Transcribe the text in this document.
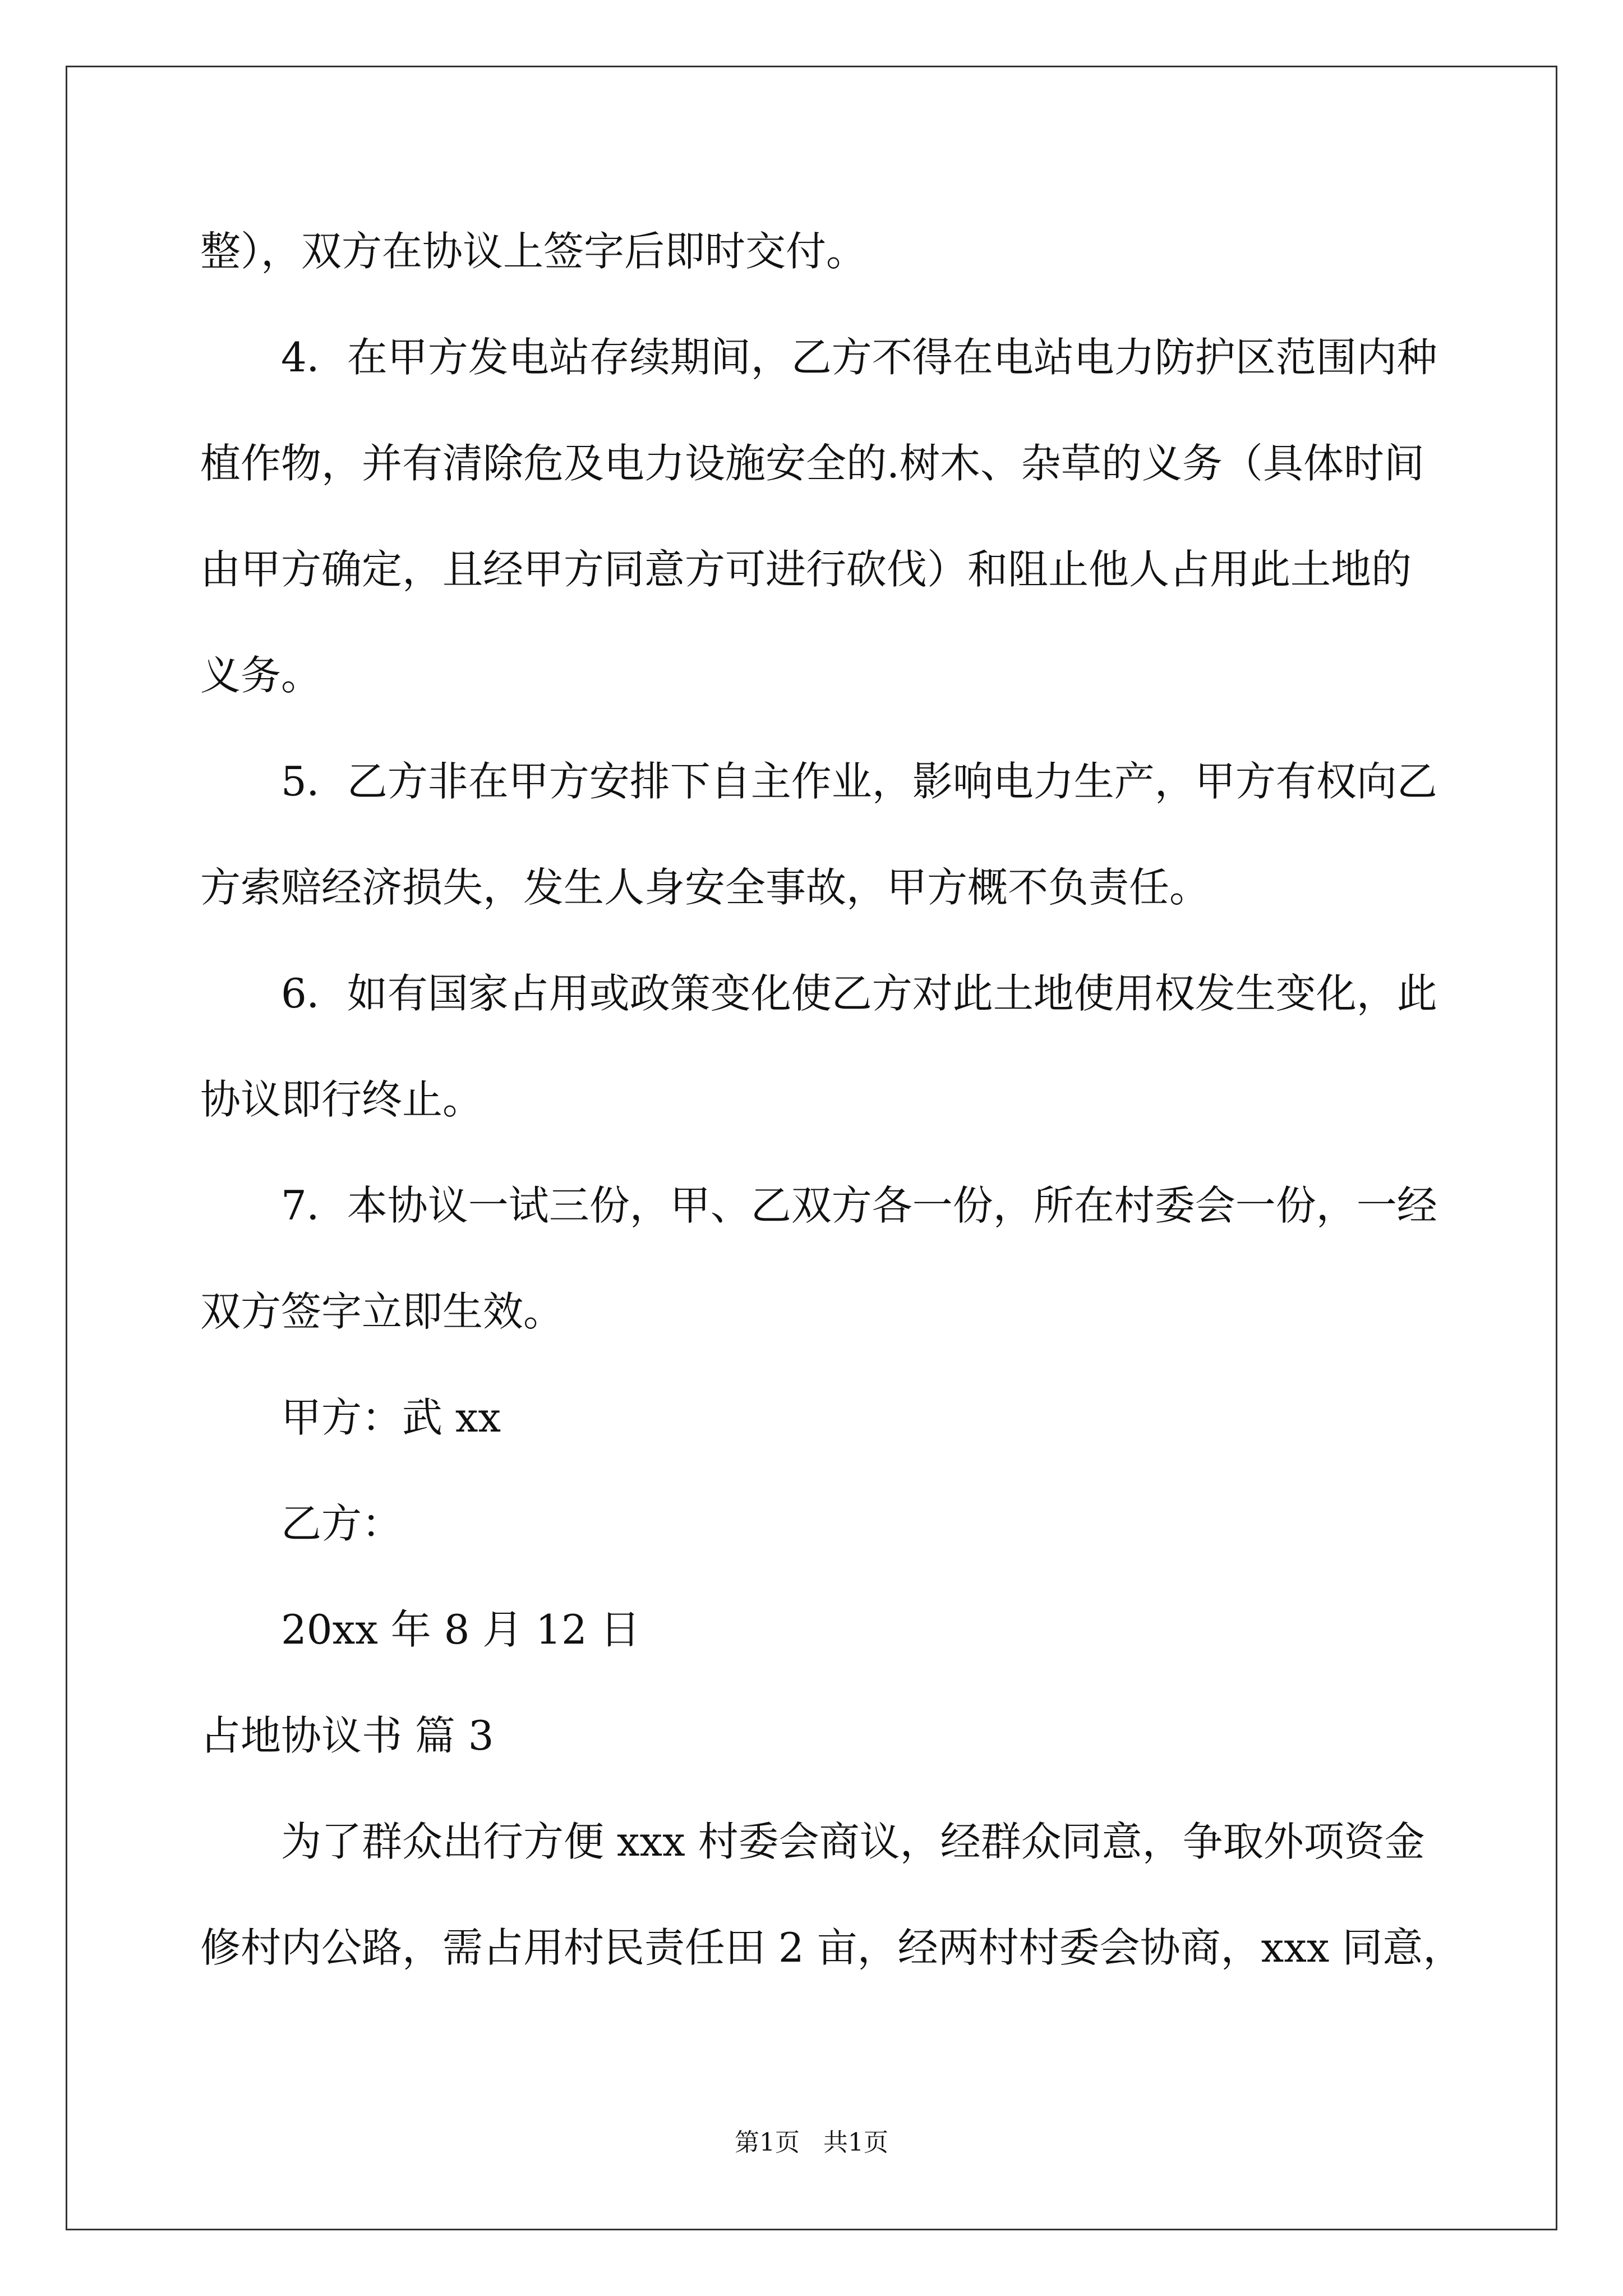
整），双方在协议上签字后即时交付。
4．在甲方发电站存续期间，乙方不得在电站电力防护区范围内种
植作物，并有清除危及电力设施安全的.树木、杂草的义务（具体时间
由甲方确定，且经甲方同意方可进行砍伐）和阻止他人占用此土地的
义务。
5．乙方非在甲方安排下自主作业，影响电力生产，甲方有权向乙
方索赔经济损失，发生人身安全事故，甲方概不负责任。
6．如有国家占用或政策变化使乙方对此土地使用权发生变化，此
协议即行终止。
7．本协议一试三份，甲、乙双方各一份，所在村委会一份，一经
双方签字立即生效。
甲方：武 xx
乙方：
20xx 年 8 月 12 日
占地协议书 篇 3
为了群众出行方便 xxx 村委会商议，经群众同意，争取外项资金
修村内公路，需占用村民责任田 2 亩，经两村村委会协商，xxx 同意，
第1页   共1页
